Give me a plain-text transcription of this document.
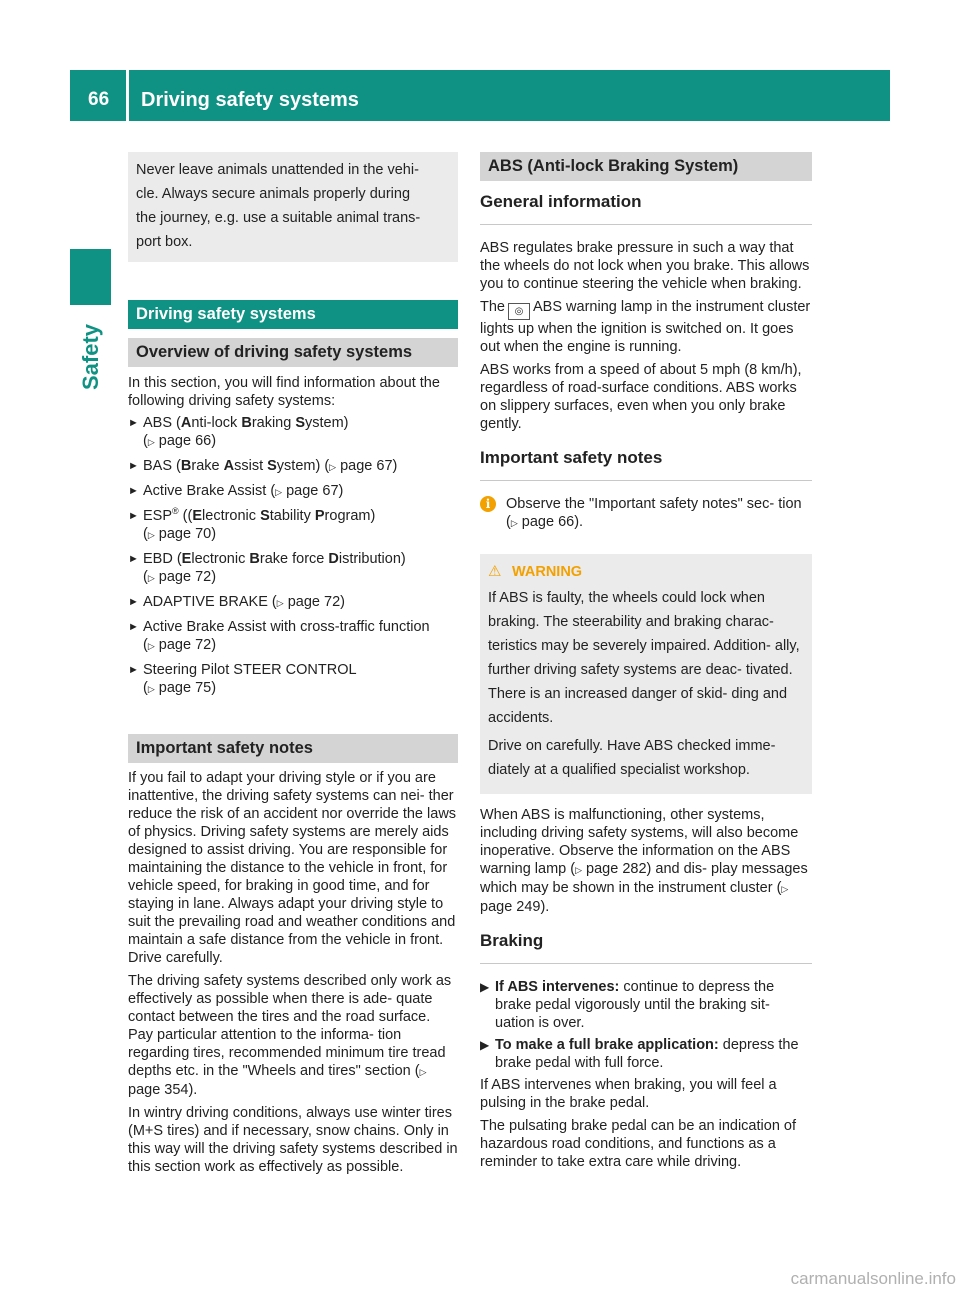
66 Driving safety systems
Safety

Never leave animals unattended in the vehi-

cle. Always secure animals properly during

the journey, e.g. use a suitable animal trans-

port box.

Driving safety systems
Overview of driving safety systems

In this section, you will find information about the following driving safety systems:

► ABS (Anti-lock Braking System)
(▷ page 66)
► BAS (Brake Assist System) (▷ page 67)
► Active Brake Assist (▷ page 67)
► ESP® ((Electronic Stability Program)
(▷ page 70)
► EBD (Electronic Brake force Distribution)
(▷ page 72)
► ADAPTIVE BRAKE (▷ page 72)
► Active Brake Assist with cross-traffic function
(▷ page 72)
► Steering Pilot STEER CONTROL
(▷ page 75)
Important safety notes

If you fail to adapt your driving style or if you are inattentive, the driving safety systems can nei- ther reduce the risk of an accident nor override the laws of physics. Driving safety systems are merely aids designed to assist driving. You are responsible for maintaining the distance to the vehicle in front, for vehicle speed, for braking in good time, and for staying in lane. Always adapt your driving style to suit the prevailing road and weather conditions and maintain a safe distance from the vehicle in front. Drive carefully.

The driving safety systems described only work as effectively as possible when there is ade- quate contact between the tires and the road surface. Pay particular attention to the informa- tion regarding tires, recommended minimum tire tread depths etc. in the "Wheels and tires" section (▷ page 354).

In wintry driving conditions, always use winter tires (M+S tires) and if necessary, snow chains. Only in this way will the driving safety systems described in this section work as effectively as possible.

ABS (Anti-lock Braking System)
General information

ABS regulates brake pressure in such a way that the wheels do not lock when you brake. This allows you to continue steering the vehicle when braking.

The ◎ ABS warning lamp in the instrument cluster lights up when the ignition is switched on. It goes out when the engine is running.

ABS works from a speed of about 5 mph (8 km/h), regardless of road-surface conditions. ABS works on slippery surfaces, even when you only brake gently.

Important safety notes
i	Observe the "Important safety notes" sec- tion (▷ page 66).
⚠ WARNING

If ABS is faulty, the wheels could lock when braking. The steerability and braking charac- teristics may be severely impaired. Addition- ally, further driving safety systems are deac- tivated. There is an increased danger of skid- ding and accidents.

Drive on carefully. Have ABS checked imme- diately at a qualified specialist workshop.

When ABS is malfunctioning, other systems, including driving safety systems, will also become inoperative. Observe the information on the ABS warning lamp (▷ page 282) and dis- play messages which may be shown in the instrument cluster (▷ page 249).

Braking
▶ If ABS intervenes: continue to depress the brake pedal vigorously until the braking sit- uation is over.
▶ To make a full brake application: depress the brake pedal with full force.

If ABS intervenes when braking, you will feel a pulsing in the brake pedal.

The pulsating brake pedal can be an indication of hazardous road conditions, and functions as a reminder to take extra care while driving.

carmanualsonline.info
